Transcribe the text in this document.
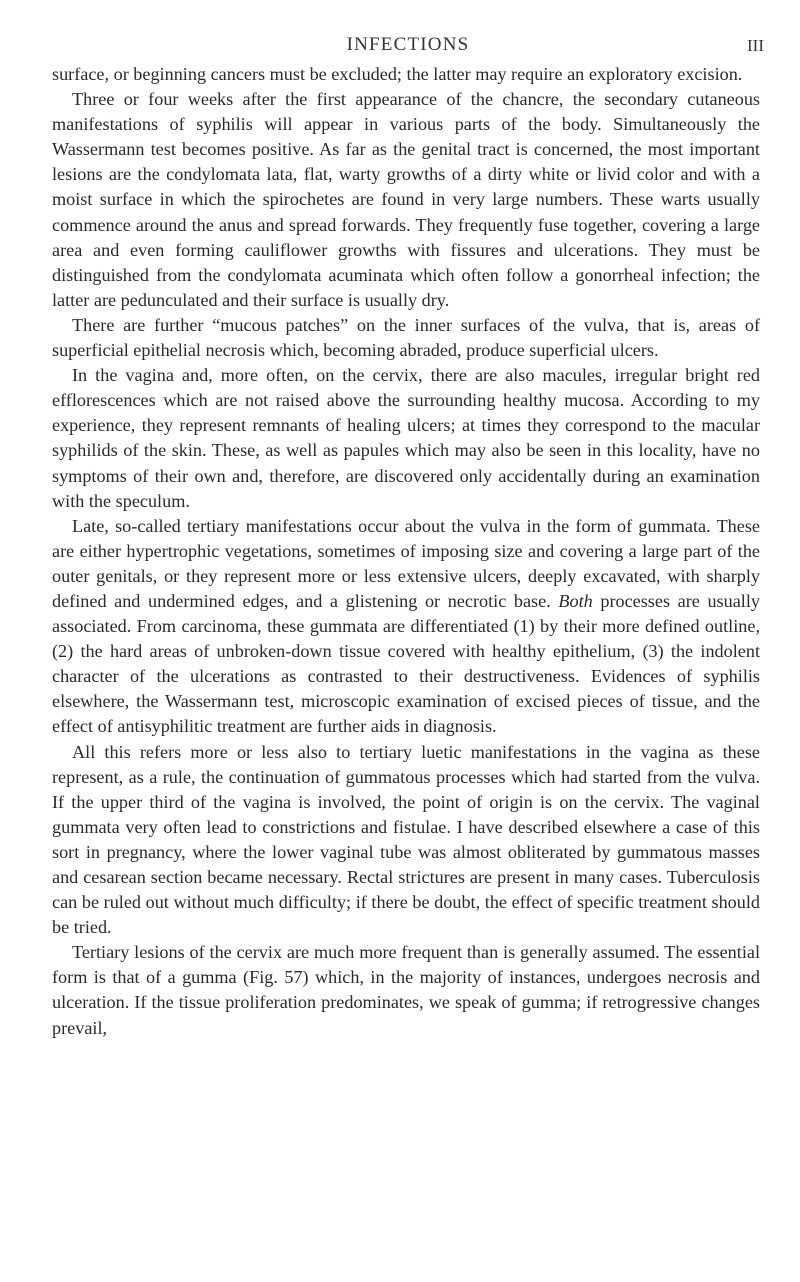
INFECTIONS	III

surface, or beginning cancers must be excluded; the latter may require an exploratory excision.

Three or four weeks after the first appearance of the chancre, the secondary cutaneous manifestations of syphilis will appear in various parts of the body. Simultaneously the Wassermann test becomes positive. As far as the genital tract is concerned, the most important lesions are the condylomata lata, flat, warty growths of a dirty white or livid color and with a moist surface in which the spirochetes are found in very large numbers. These warts usually commence around the anus and spread forwards. They frequently fuse together, covering a large area and even forming cauliflower growths with fissures and ulcerations. They must be distinguished from the condylomata acuminata which often follow a gonorrheal infection; the latter are pedunculated and their surface is usually dry.

There are further “mucous patches” on the inner surfaces of the vulva, that is, areas of superficial epithelial necrosis which, becoming abraded, produce superficial ulcers.

In the vagina and, more often, on the cervix, there are also macules, irregular bright red efflorescences which are not raised above the surrounding healthy mucosa. According to my experience, they represent remnants of healing ulcers; at times they correspond to the macular syphilids of the skin. These, as well as papules which may also be seen in this locality, have no symptoms of their own and, therefore, are discovered only accidentally during an examination with the speculum.

Late, so-called tertiary manifestations occur about the vulva in the form of gummata. These are either hypertrophic vegetations, sometimes of imposing size and covering a large part of the outer genitals, or they represent more or less extensive ulcers, deeply excavated, with sharply defined and undermined edges, and a glistening or necrotic base. Both processes are usually associated. From carcinoma, these gummata are differentiated (1) by their more defined outline, (2) the hard areas of unbroken-down tissue covered with healthy epithelium, (3) the indolent character of the ulcerations as contrasted to their destructiveness. Evidences of syphilis elsewhere, the Wassermann test, microscopic examination of excised pieces of tissue, and the effect of antisyphilitic treatment are further aids in diagnosis.

All this refers more or less also to tertiary luetic manifestations in the vagina as these represent, as a rule, the continuation of gummatous processes which had started from the vulva. If the upper third of the vagina is involved, the point of origin is on the cervix. The vaginal gummata very often lead to constrictions and fistulae. I have described elsewhere a case of this sort in pregnancy, where the lower vaginal tube was almost obliterated by gummatous masses and cesarean section became necessary. Rectal strictures are present in many cases. Tuberculosis can be ruled out without much difficulty; if there be doubt, the effect of specific treatment should be tried.

Tertiary lesions of the cervix are much more frequent than is generally assumed. The essential form is that of a gumma (Fig. 57) which, in the majority of instances, undergoes necrosis and ulceration. If the tissue proliferation predominates, we speak of gumma; if retrogressive changes prevail,
